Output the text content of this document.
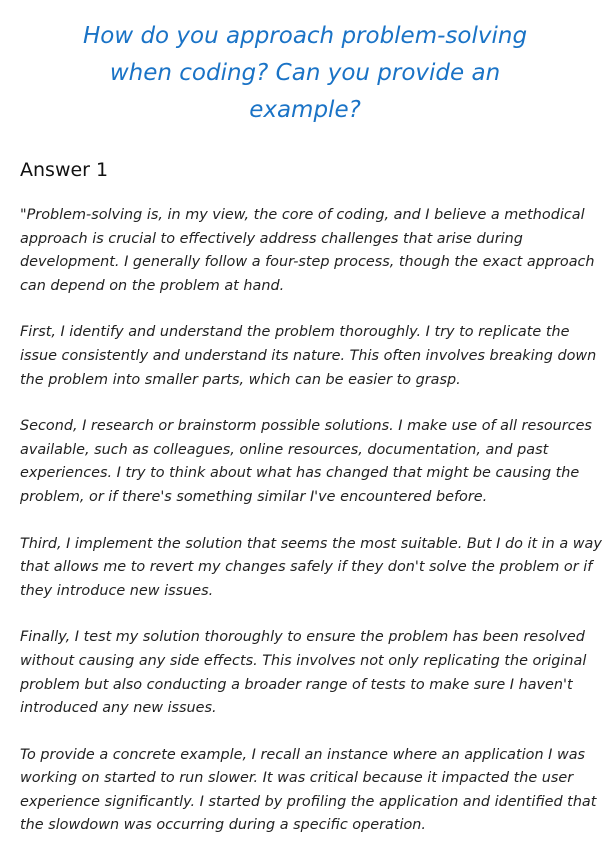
How do you approach problem-solving
when coding? Can you provide an
example?
Answer 1

"Problem-solving is, in my view, the core of coding, and I believe a methodical
approach is crucial to effectively address challenges that arise during
development. I generally follow a four-step process, though the exact approach
can depend on the problem at hand.

First, I identify and understand the problem thoroughly. I try to replicate the
issue consistently and understand its nature. This often involves breaking down
the problem into smaller parts, which can be easier to grasp.

Second, I research or brainstorm possible solutions. I make use of all resources
available, such as colleagues, online resources, documentation, and past
experiences. I try to think about what has changed that might be causing the
problem, or if there's something similar I've encountered before.

Third, I implement the solution that seems the most suitable. But I do it in a way
that allows me to revert my changes safely if they don't solve the problem or if
they introduce new issues.

Finally, I test my solution thoroughly to ensure the problem has been resolved
without causing any side effects. This involves not only replicating the original
problem but also conducting a broader range of tests to make sure I haven't
introduced any new issues.

To provide a concrete example, I recall an instance where an application I was
working on started to run slower. It was critical because it impacted the user
experience significantly. I started by profiling the application and identified that
the slowdown was occurring during a specific operation.
